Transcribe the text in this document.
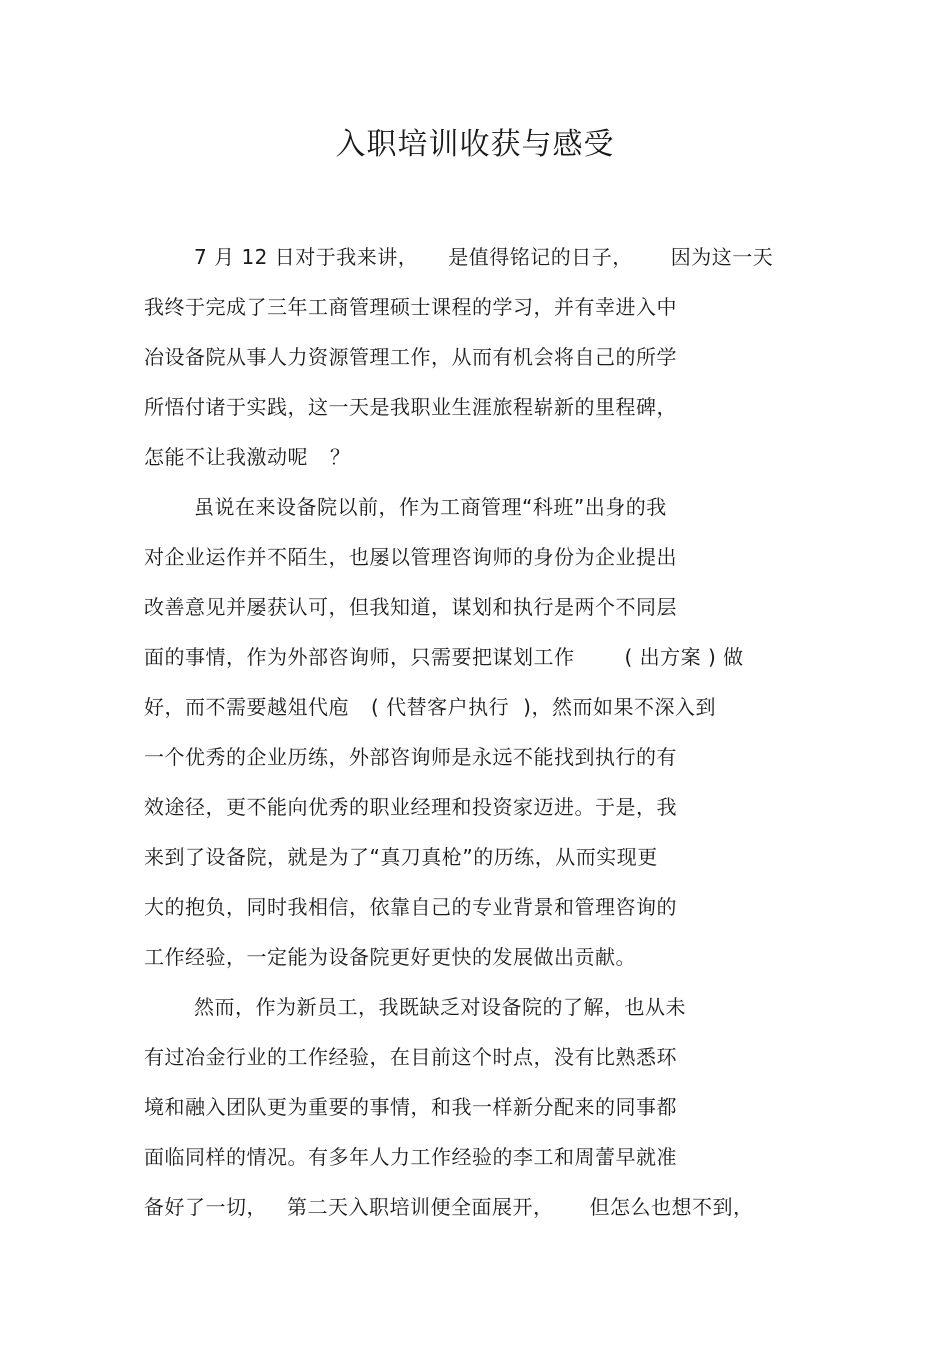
入职培训收获与感受
7 月 12 日对于我来讲， 是值得铭记的日子， 因为这一天
我终于完成了三年工商管理硕士课程的学习，并有幸进入中
冶设备院从事人力资源管理工作，从而有机会将自己的所学
所悟付诸于实践，这一天是我职业生涯旅程崭新的里程碑，
怎能不让我激动呢 ？
虽说在来设备院以前，作为工商管理“科班”出身的我
对企业运作并不陌生，也屡以管理咨询师的身份为企业提出
改善意见并屡获认可，但我知道，谋划和执行是两个不同层
面的事情，作为外部咨询师，只需要把谋划工作	( 出方案 ) 做
好，而不需要越俎代庖 ( 代替客户执行 )，然而如果不深入到
一个优秀的企业历练，外部咨询师是永远不能找到执行的有
效途径，更不能向优秀的职业经理和投资家迈进。于是，我
来到了设备院，就是为了“真刀真枪”的历练，从而实现更
大的抱负，同时我相信，依靠自己的专业背景和管理咨询的
工作经验，一定能为设备院更好更快的发展做出贡献。
然而，作为新员工，我既缺乏对设备院的了解，也从未
有过冶金行业的工作经验，在目前这个时点，没有比熟悉环
境和融入团队更为重要的事情，和我一样新分配来的同事都
面临同样的情况。有多年人力工作经验的李工和周蕾早就准
备好了一切， 第二天入职培训便全面展开， 但怎么也想不到，
